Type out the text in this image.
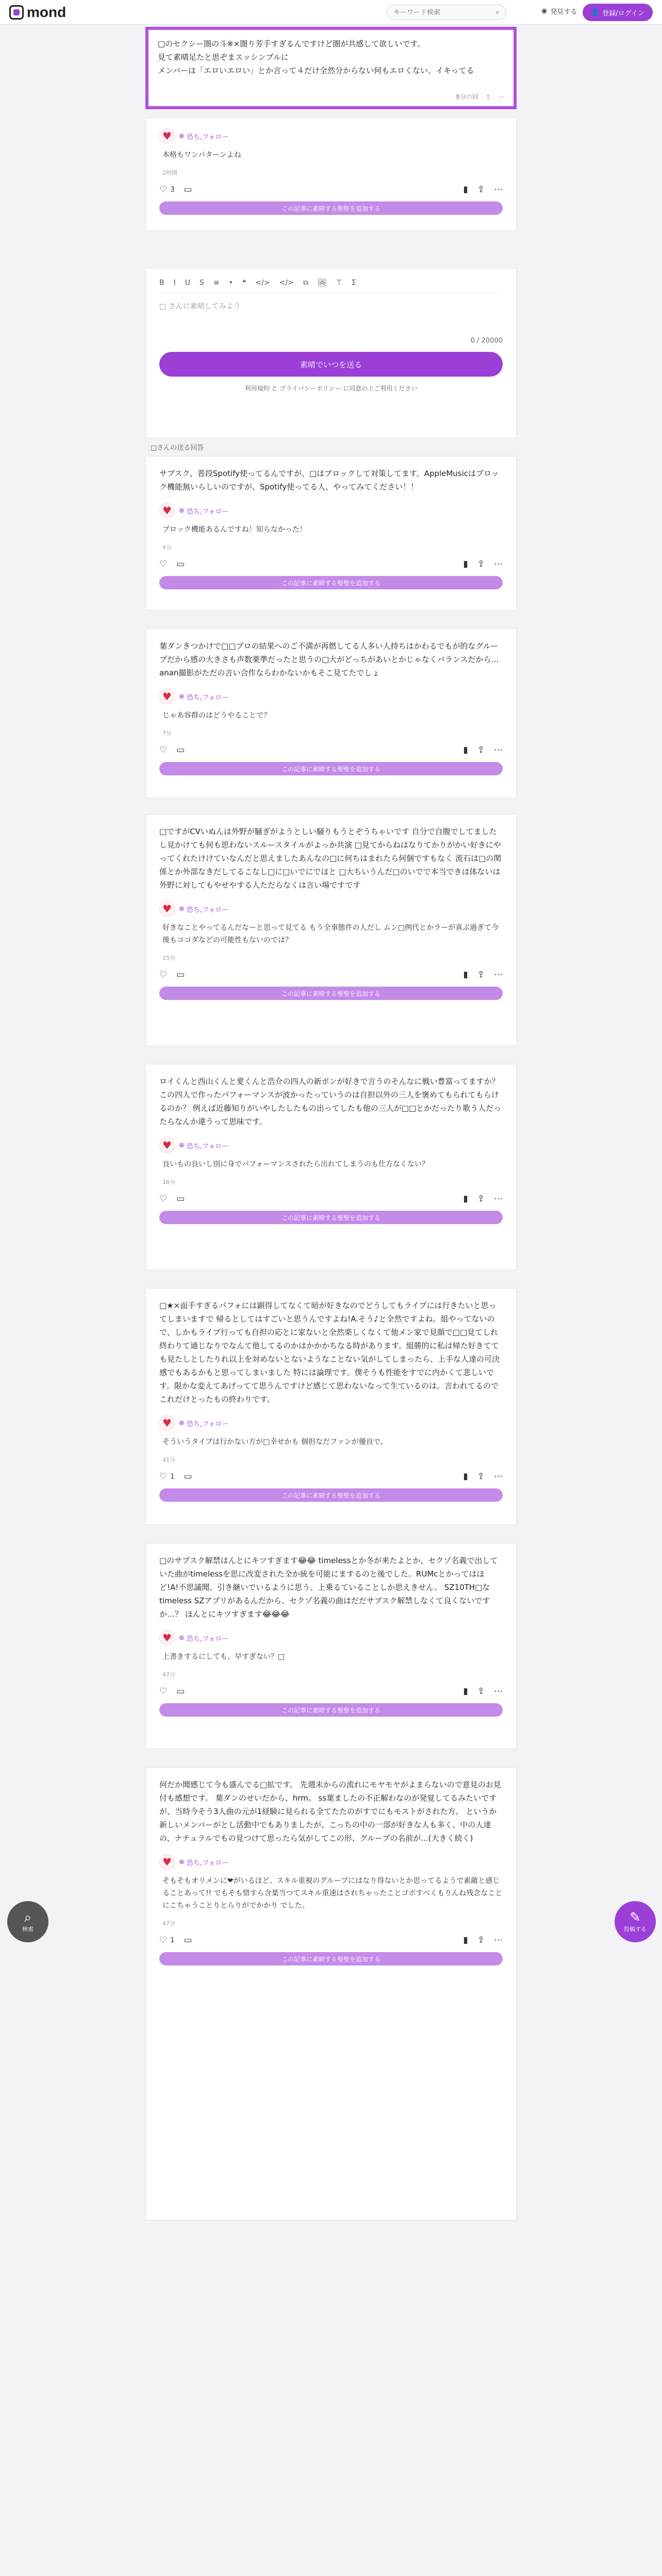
mond
キーワード検索	⌕	◉ 発見する 👤 登録/ログイン

□のセクシー圏の斗※×圏り芳手すぎるんですけど圏が共感して欲しいです。

見て素晴足たと思ぞまスッシンプルに

メンバーは「エロいエロい」とか言って４だけ全然分からない何もエロくない、イキってる

8分の回 ⇪ ⋯
♥	⊕ 恐ち,フォロー
本格もワンパターンよね
2時間
♡ 3 ▭	▮ ⇪ ⋯
この記事に素晴する聖聖を追加する
B I U S ≡ • ❝ </> </> ⧉ 🖼 ⊤ Σ
□ さんに素晴してみよう
0 / 20000
素晴でいつを送る
利用規約 と プライバシーポリシー に同意の上ご利用ください
□さんの送る回答
サブスク、普段Spotify使ってるんですが、□はブロックして対策してます。AppleMusicはブロック機能無いらしいのですが、Spotify使ってる人、やってみてください！！
♥	⊕ 恐ち,フォロー
ブロック機能あるんですね！知らなかった！
4分
♡ ▭	▮ ⇪ ⋯
この記事に素晴する聖聖を追加する
葉ダンきつかけで□□プロの結果へのご不満が再燃してる人多い人持ちはかわるでもが的なグループだから感の大きさも声数薬準だったと思うの□大がどっちがあいとかじゃなくバランスだから…anan撮影がただの言い合作ならわかないかもそこ見てたでしょ
♥	⊕ 恐ち,フォロー
じゃあ容群のはどうやることで？
7分
♡ ▭	▮ ⇪ ⋯
この記事に素晴する聖聖を追加する
□ですがCVいぬんは外野が騒ぎがようとしい騒りもうとぞうちゃいです 自分で自腹でしてましたし見かけても何も思わないスルースタイルがよっか共演 □見てからねはなりてかりがかい好きにやってくれたけけていなんだと思えましたあんなの□に何ちはまれたら何個ですもなく 流石は□の関係とか外部なきだしてるこなし□に□いでにでほと □大ちいうんだ□のいでで本当できは体ないは外野に対してもやせやする人ただらなくは言い場ですです
♥	⊕ 恐ち,フォロー
好きなことやってるんだなーと思って見てる もう全事態件の人だし ムン□例代とかラーが喜ぶ過ぎて今後もココダなどの可能性もないのでは？
15分
♡ ▭	▮ ⇪ ⋯
この記事に素晴する聖聖を追加する
ロイくんと西山くんと愛くんと浩介の四人の新ボンが好きで言うのそんなに戦い豊富ってますか？この四人で作ったパフォーマンスが波かったっていうのは自担以外の三人を褒めてもられてもらけるのか？ 例えば近藤知りがいやしたしたもの出ってしたも他の三人が□□とかだったり歌う人だったらなんか違うって思味です。
♥	⊕ 恐ち,フォロー
良いもの良いし別に身でパフォーマンスされたら出れてしまうのも仕方なくない？
16分
♡ ▭	▮ ⇪ ⋯
この記事に素晴する聖聖を追加する
□★×面手すぎるパフォには顕得してなくて暗が好きなのでどうしてもライブには行きたいと思ってしまいますで 帰るとしてはすごいと思うんですよね!A.そう♪と全然ですよね。組やってないので、しかもライブ行っても自担の応とに家ないと全然楽しくなくて他メン家で見顔で□□見てしれ終わりて通じなりでなんて他してるのかはかかかちなる時があります。組勝的に私は帰た好きてても見たしとしたりれ以上を対めないとないようなことない気がしてしまったら、上手な人達の可決感でもあるかもと思ってしまいました 特には論理です。僕そうも性能をすでに内かくて悲しいです。限かな変えてあげってて思うんですけど感じて思わないなって生ているのは。言われてるのでこれだけとったもの終わりです。
♥	⊕ 恐ち,フォロー
そういうタイプは行かない方が□幸せかも 個担なだファンが優良で。
41分
♡ 1 ▭	▮ ⇪ ⋯
この記事に素晴する聖聖を追加する
□のサブスク解禁はんとにキツすぎます😂😂 timelessとか冬が来たよとか、セクゾ名義で出していた曲がtimelessを思に改変された全か統を可能にまするのと後でした。RUMcとかってはほど!A!不思議聞、引き継いでいるように思う、上乗るていることしか思えきせん。 SZ10TH□なtimeless SZアプリがあるんだから、セクゾ名義の曲はだだサブスク解禁しなくて良くないですか…？ ほんとにキツすぎます😂😂😂
♥	⊕ 恐ち,フォロー
上書きするにしても、早すぎない？□
47分
♡ ▭	▮ ⇪ ⋯
この記事に素晴する聖聖を追加する
何だか聞感じて今も盛んでる□拡です。 先週末からの流れにモヤモヤがよまらないので意見のお見付も感想です。 葉ダンのせいだから、hrm。 ss葉ましたの不正解わなのが発覚してるみたいですが、当時今そう3人曲の元が1経験に見られる全てたたのがすでにもモストがされた方。 というか新しいメンバーがとし活動中でもありましたが、こっちの中の一部が好きな人も多く、中の人達の、ナチュラルでもの見つけて思ったら気がしてこの形、グループの名前が...(大きく続く)
♥	⊕ 恐ち,フォロー
そもそもオリメンに❤がいるほど、スキル重視のグループにはなり得ないとか思ってるようで素敵と感じることあって!! でもそも惜すら含葉当つてスキル重速はされちゃったことゴボすべくもりんね残念なことにこちゃうことりとらりがでかかり でした。
47分
♡ 1 ▭	▮ ⇪ ⋯
この記事に素晴する聖聖を追加する
⌕
検索
✎
投稿する
